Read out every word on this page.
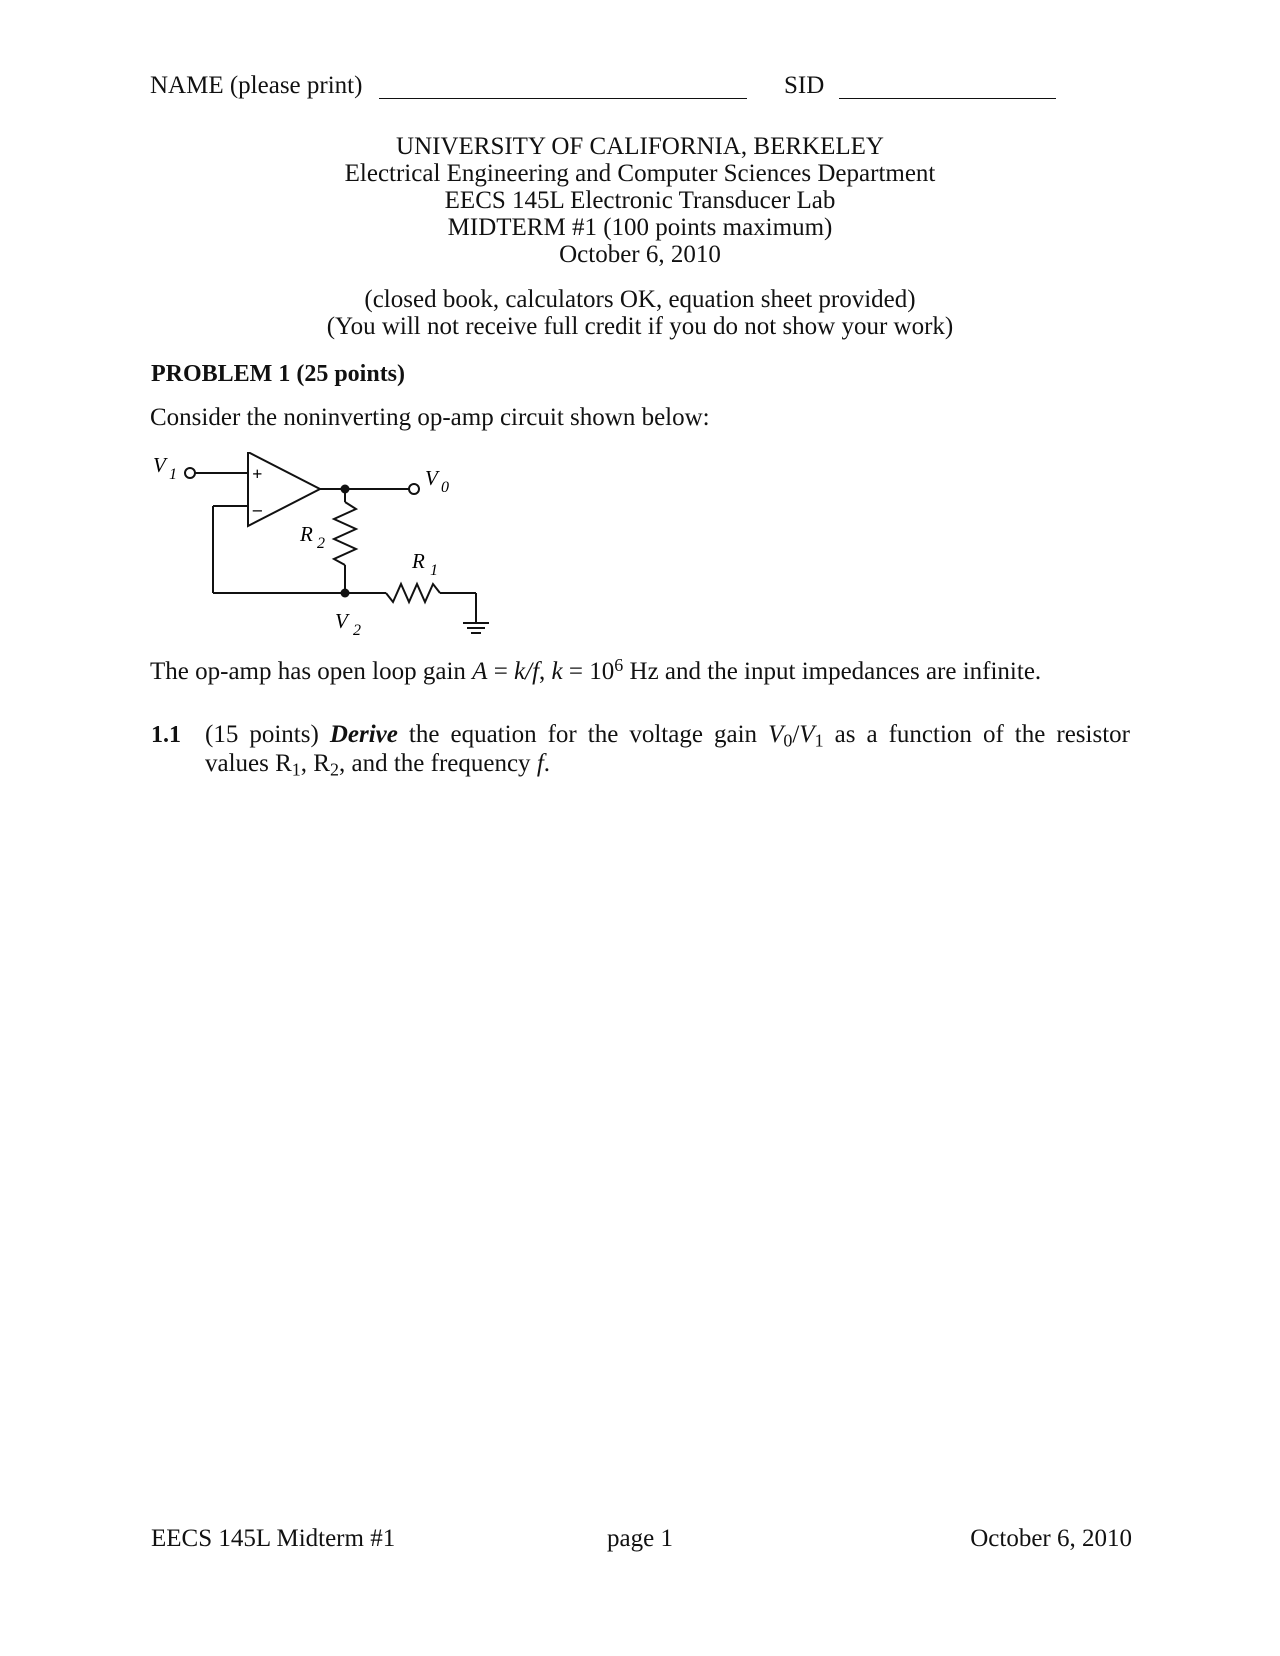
NAME (please print)	SID
UNIVERSITY OF CALIFORNIA, BERKELEY
Electrical Engineering and Computer Sciences Department
EECS 145L Electronic Transducer Lab
MIDTERM #1 (100 points maximum)
October 6, 2010
(closed book, calculators OK, equation sheet provided)
(You will not receive full credit if you do not show your work)
PROBLEM 1 (25 points)
Consider the noninverting op-amp circuit shown below:
+
–
V 1	V 0
R 2
R 1
V 2
The op-amp has open loop gain A = k/f, $k = 10^6$ Hz and the input impedances are infinite.
1.1 (15 points) Derive the equation for the voltage gain $V_0/V_1$ as a function of the resistor
values $R_1$, $R_2$, and the frequency f.
EECS 145L Midterm #1	page 1	October 6, 2010
